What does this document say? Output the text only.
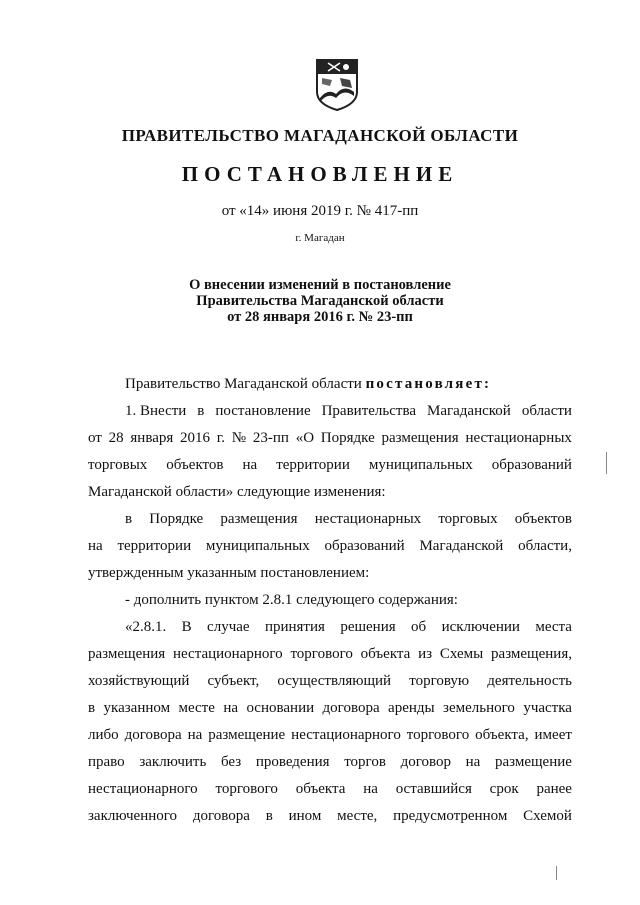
ПРАВИТЕЛЬСТВО МАГАДАНСКОЙ ОБЛАСТИ
ПОСТАНОВЛЕНИЕ
от «14» июня 2019 г. № 417-пп
г. Магадан
О внесении изменений в постановление
Правительства Магаданской области
от 28 января 2016 г. № 23-пп
Правительство Магаданской области
постановляет :
1. Внести в постановление Правительства Магаданской области
от 28 января 2016 г. № 23-пп «О Порядке размещения нестационарных
торговых объектов на территории муниципальных образований
Магаданской области» следующие изменения:
в Порядке размещения нестационарных торговых объектов
на территории муниципальных образований Магаданской области,
утвержденным указанным постановлением:
- дополнить пунктом 2.8.1 следующего содержания:
«2.8.1. В случае принятия решения об исключении места
размещения нестационарного торгового объекта из Схемы размещения,
хозяйствующий субъект, осуществляющий торговую деятельность
в указанном месте на основании договора аренды земельного участка
либо договора на размещение нестационарного торгового объекта, имеет
право заключить без проведения торгов договор на размещение
нестационарного торгового объекта на оставшийся срок ранее
заключенного договора в ином месте, предусмотренном Схемой
